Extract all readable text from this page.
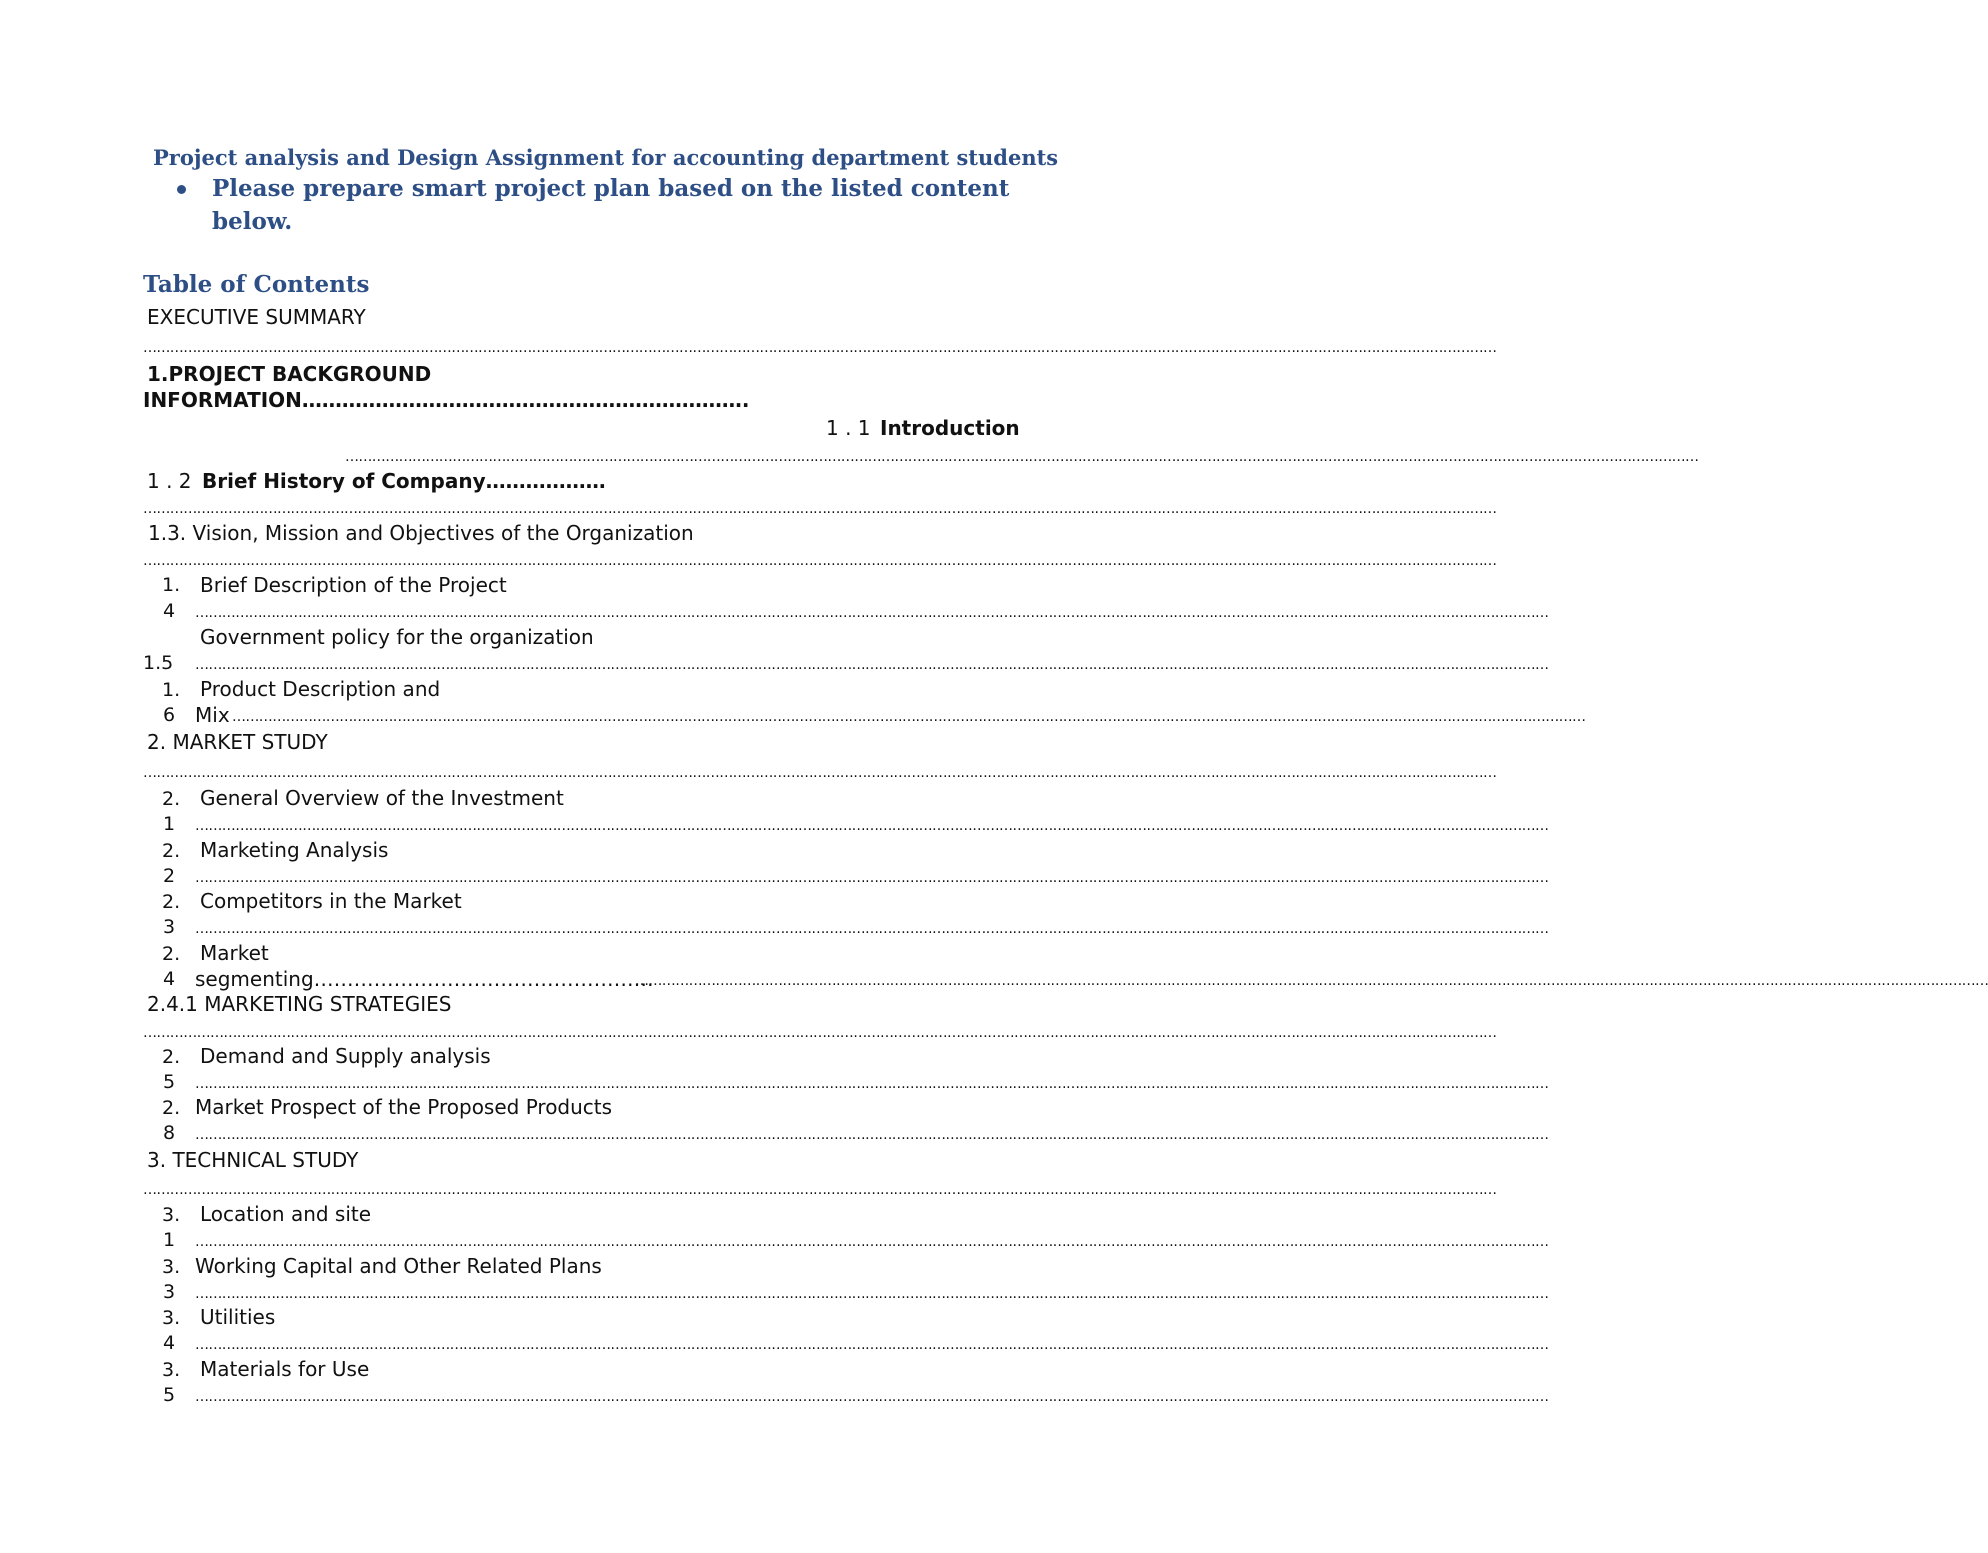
Project analysis and Design Assignment for accounting department students
Please prepare smart project plan based on the listed content
below.
Table of Contents
EXECUTIVE SUMMARY
……………………………………………………………………………………………………………………………………………………………………………………………………………………………………………………………………………
1.PROJECT BACKGROUND
INFORMATION………………………………………………………….
1 . 1 Introduction
……………………………………………………………………………………………………………………………………………………………………………………………………………………………………………………………………………
1 . 2 Brief History of Company………………
……………………………………………………………………………………………………………………………………………………………………………………………………………………………………………………………………………
1.3. Vision, Mission and Objectives of the Organization
……………………………………………………………………………………………………………………………………………………………………………………………………………………………………………………………………………
1. Brief Description of the Project
4 ……………………………………………………………………………………………………………………………………………………………………………………………………………………………………………………………………………
Government policy for the organization
1.5 ……………………………………………………………………………………………………………………………………………………………………………………………………………………………………………………………………………
1. Product Description and
6 Mix ……………………………………………………………………………………………………………………………………………………………………………………………………………………………………………………………………………
2. MARKET STUDY
……………………………………………………………………………………………………………………………………………………………………………………………………………………………………………………………………………
2. General Overview of the Investment
1 ……………………………………………………………………………………………………………………………………………………………………………………………………………………………………………………………………………
2. Marketing Analysis
2 ……………………………………………………………………………………………………………………………………………………………………………………………………………………………………………………………………………
2. Competitors in the Market
3 ……………………………………………………………………………………………………………………………………………………………………………………………………………………………………………………………………………
2. Market
4 segmenting……………………………………………
……………………………………………………………………………………………………………………………………………………………………………………………………………………………………………………………………………
2.4.1 MARKETING STRATEGIES
……………………………………………………………………………………………………………………………………………………………………………………………………………………………………………………………………………
2. Demand and Supply analysis
5 ……………………………………………………………………………………………………………………………………………………………………………………………………………………………………………………………………………
2. Market Prospect of the Proposed Products
8 ……………………………………………………………………………………………………………………………………………………………………………………………………………………………………………………………………………
3. TECHNICAL STUDY
……………………………………………………………………………………………………………………………………………………………………………………………………………………………………………………………………………
3. Location and site
1 ……………………………………………………………………………………………………………………………………………………………………………………………………………………………………………………………………………
3. Working Capital and Other Related Plans
3 ……………………………………………………………………………………………………………………………………………………………………………………………………………………………………………………………………………
3. Utilities
4 ……………………………………………………………………………………………………………………………………………………………………………………………………………………………………………………………………………
3. Materials for Use
5 ……………………………………………………………………………………………………………………………………………………………………………………………………………………………………………………………………………
